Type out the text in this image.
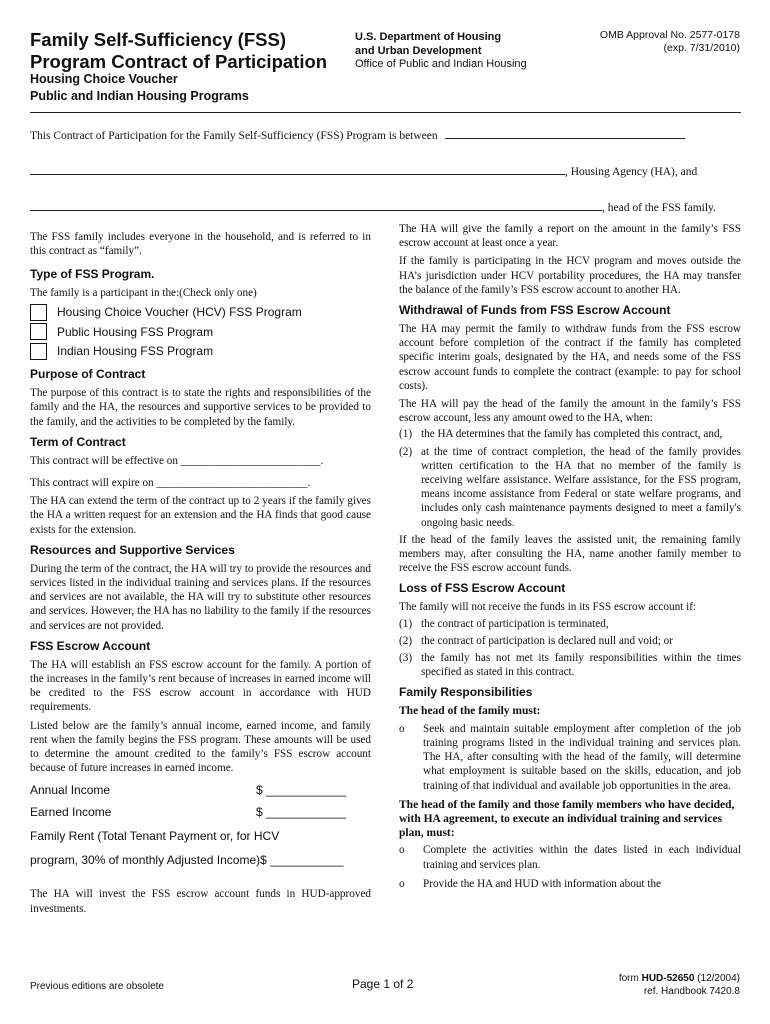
Family Self-Sufficiency (FSS)
Program Contract of Participation
Housing Choice Voucher
Public and Indian Housing Programs
U.S. Department of Housing
and Urban Development
Office of Public and Indian Housing
OMB Approval No. 2577-0178
(exp. 7/31/2010)
This Contract of Participation for the Family Self-Sufficiency (FSS) Program is between
, Housing Agency (HA), and
, head of the FSS family.

The FSS family includes everyone in the household, and is referred to in this contract as “family”.

Type of FSS Program.

The family is a participant in the:(Check only one)

Housing Choice Voucher (HCV) FSS Program
Public Housing FSS Program
Indian Housing FSS Program
Purpose of Contract

The purpose of this contract is to state the rights and responsibilities of the family and the HA, the resources and supportive services to be provided to the family, and the activities to be completed by the family.

Term of Contract

This contract will be effective on _________________________.

This contract will expire on ___________________________.

The HA can extend the term of the contract up to 2 years if the family gives the HA a written request for an extension and the HA finds that good cause exists for the extension.

Resources and Supportive Services

During the term of the contract, the HA will try to provide the resources and services listed in the individual training and services plans. If the resources and services are not available, the HA will try to substitute other resources and services. However, the HA has no liability to the family if the resources and services are not provided.

FSS Escrow Account

The HA will establish an FSS escrow account for the family. A portion of the increases in the family’s rent because of increases in earned income will be credited to the FSS escrow account in accordance with HUD requirements.

Listed below are the family’s annual income, earned income, and family rent when the family begins the FSS program. These amounts will be used to determine the amount credited to the family’s FSS escrow account because of future increases in earned income.

Annual Income	$ ____________
Earned Income	$ ____________
Family Rent (Total Tenant Payment or, for HCV
program, 30% of monthly Adjusted Income)$ ___________

The HA will invest the FSS escrow account funds in HUD-approved investments.

The HA will give the family a report on the amount in the family’s FSS escrow account at least once a year.

If the family is participating in the HCV program and moves outside the HA’s jurisdiction under HCV portability procedures, the HA may transfer the balance of the family’s FSS escrow account to another HA.

Withdrawal of Funds from FSS Escrow Account

The HA may permit the family to withdraw funds from the FSS escrow account before completion of the contract if the family has completed specific interim goals, designated by the HA, and needs some of the FSS escrow account funds to complete the contract (example: to pay for school costs).

The HA will pay the head of the family the amount in the family’s FSS escrow account, less any amount owed to the HA, when:

(1) the HA determines that the family has completed this contract, and,
(2) at the time of contract completion, the head of the family provides written certification to the HA that no member of the family is receiving welfare assistance. Welfare assistance, for the FSS program, means income assistance from Federal or state welfare programs, and includes only cash maintenance payments designed to meet a family's ongoing basic needs.

If the head of the family leaves the assisted unit, the remaining family members may, after consulting the HA, name another family member to receive the FSS escrow account funds.

Loss of FSS Escrow Account

The family will not receive the funds in its FSS escrow account if:

(1) the contract of participation is terminated,
(2) the contract of participation is declared null and void; or
(3) the family has not met its family responsibilities within the times specified as stated in this contract.
Family Responsibilities
The head of the family must:
o	Seek and maintain suitable employment after completion of the job training programs listed in the individual training and services plan. The HA, after consulting with the head of the family, will determine what employment is suitable based on the skills, education, and job training of that individual and available job opportunities in the area.
The head of the family and those family members who have decided, with HA agreement, to execute an individual training and services plan, must:
o	Complete the activities within the dates listed in each individual training and services plan.
o	Provide the HA and HUD with information about the
Previous editions are obsolete	Page 1 of 2	form HUD-52650 (12/2004)
ref. Handbook 7420.8
